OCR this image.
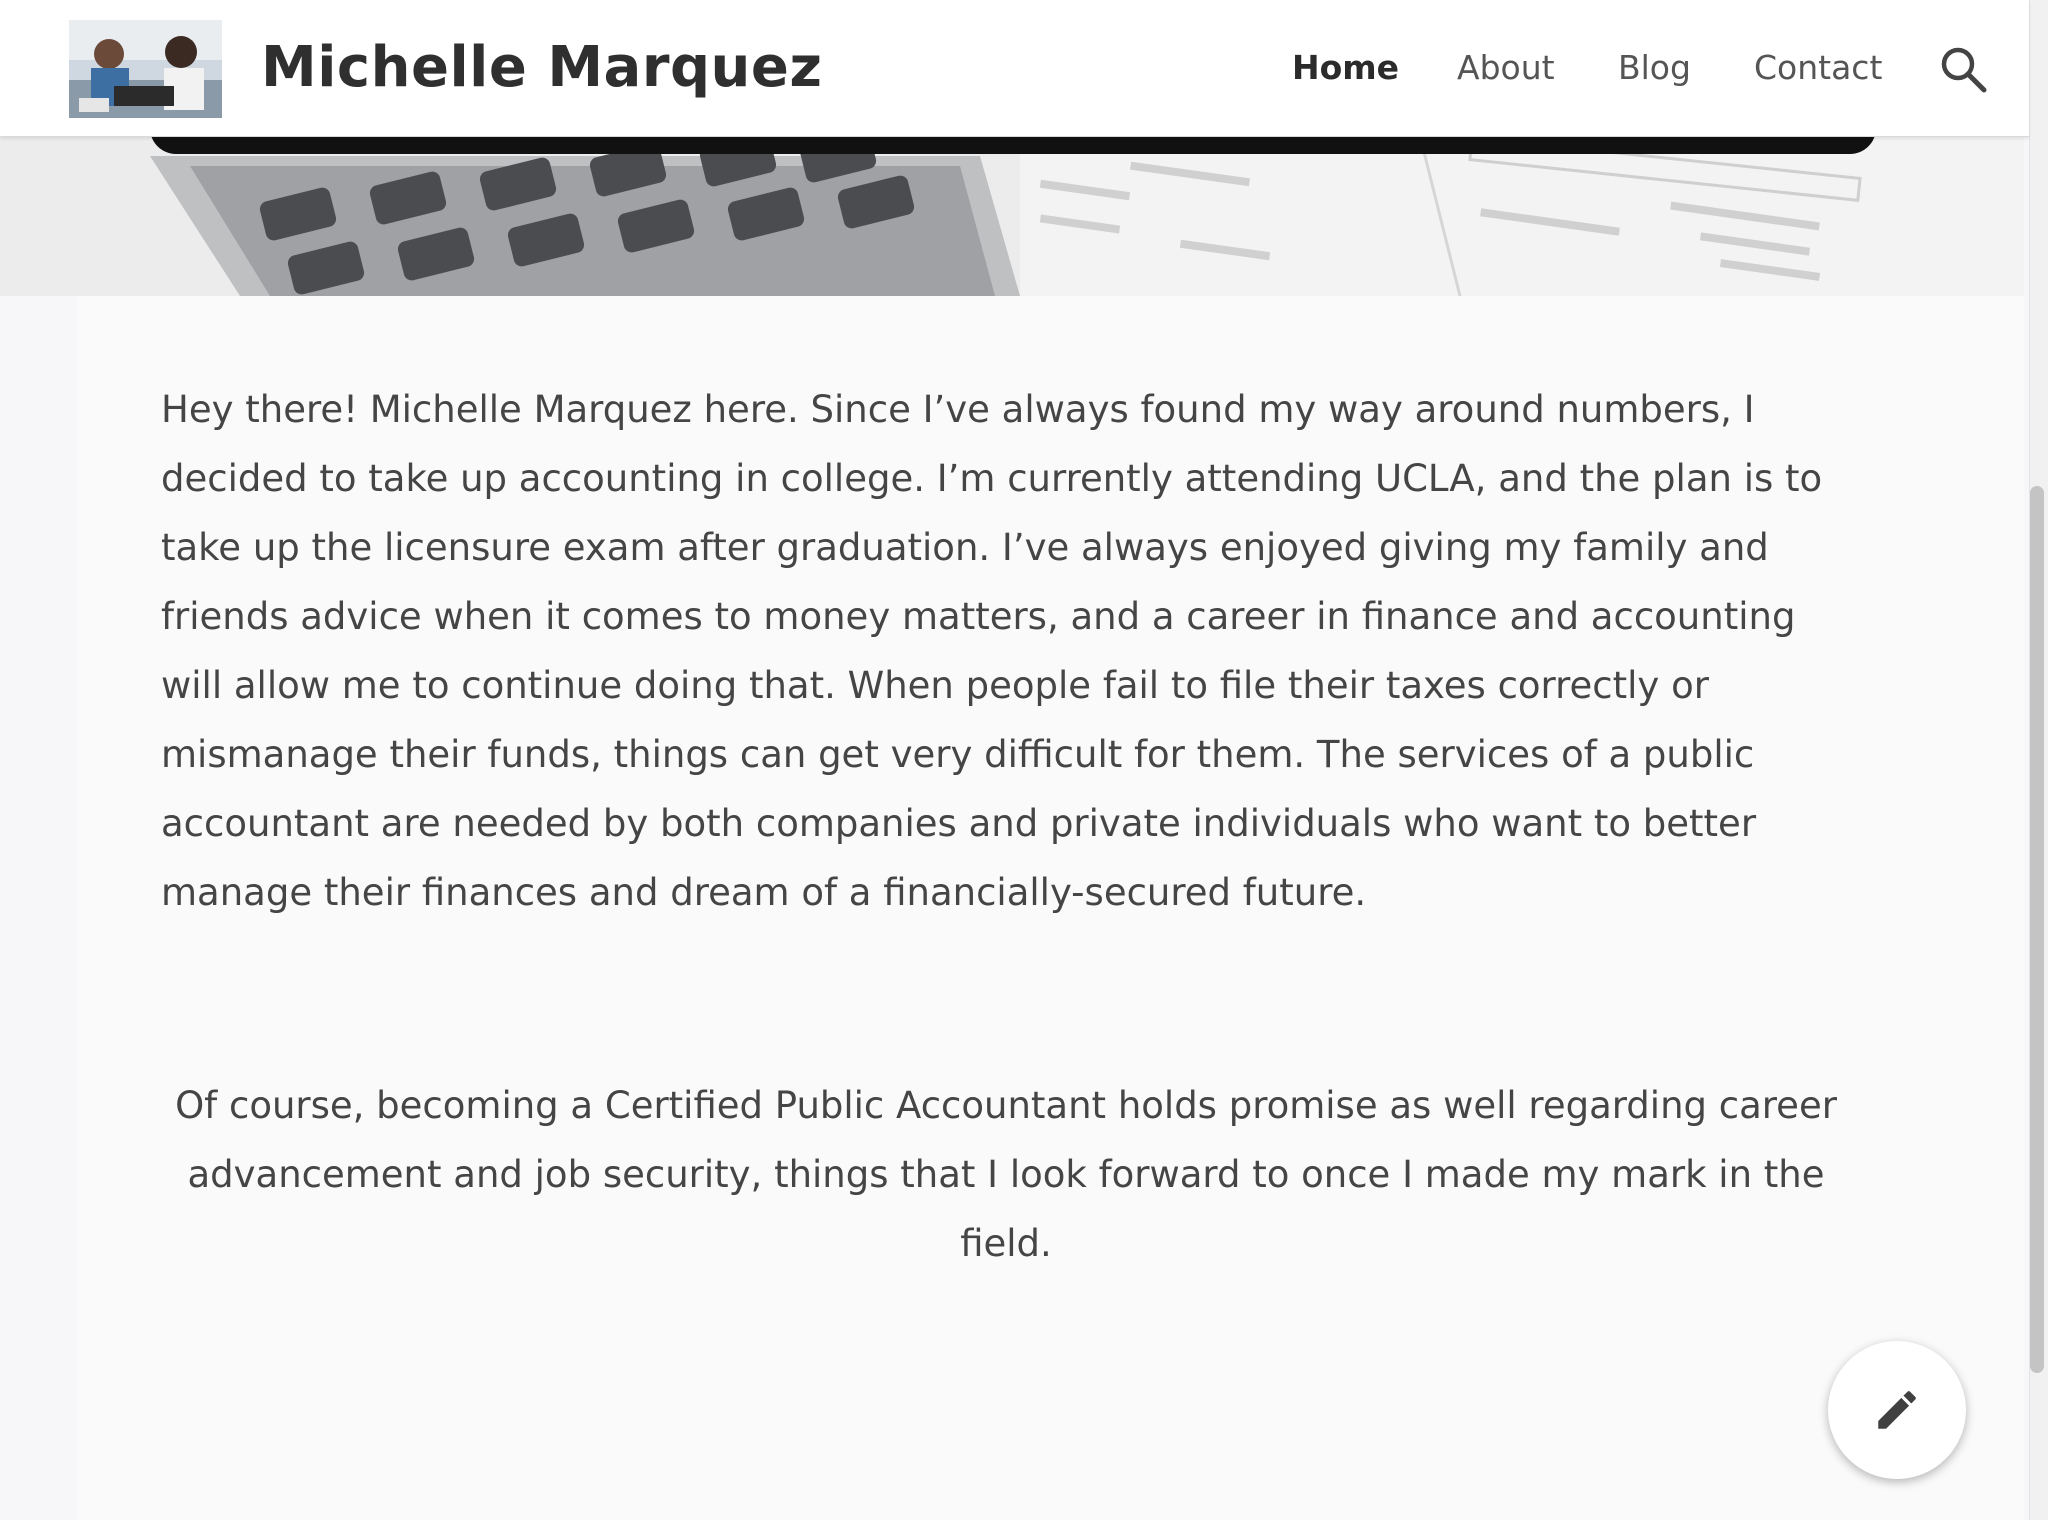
Michelle Marquez	Home About Blog Contact

Hey there! Michelle Marquez here. Since I’ve always found my way around numbers, I decided to take up accounting in college. I’m currently attending UCLA, and the plan is to take up the licensure exam after graduation. I’ve always enjoyed giving my family and friends advice when it comes to money matters, and a career in finance and accounting will allow me to continue doing that. When people fail to file their taxes correctly or mismanage their funds, things can get very difficult for them. The services of a public accountant are needed by both companies and private individuals who want to better manage their finances and dream of a financially-secured future.

Of course, becoming a Certified Public Accountant holds promise as well regarding career advancement and job security, things that I look forward to once I made my mark in the field.
